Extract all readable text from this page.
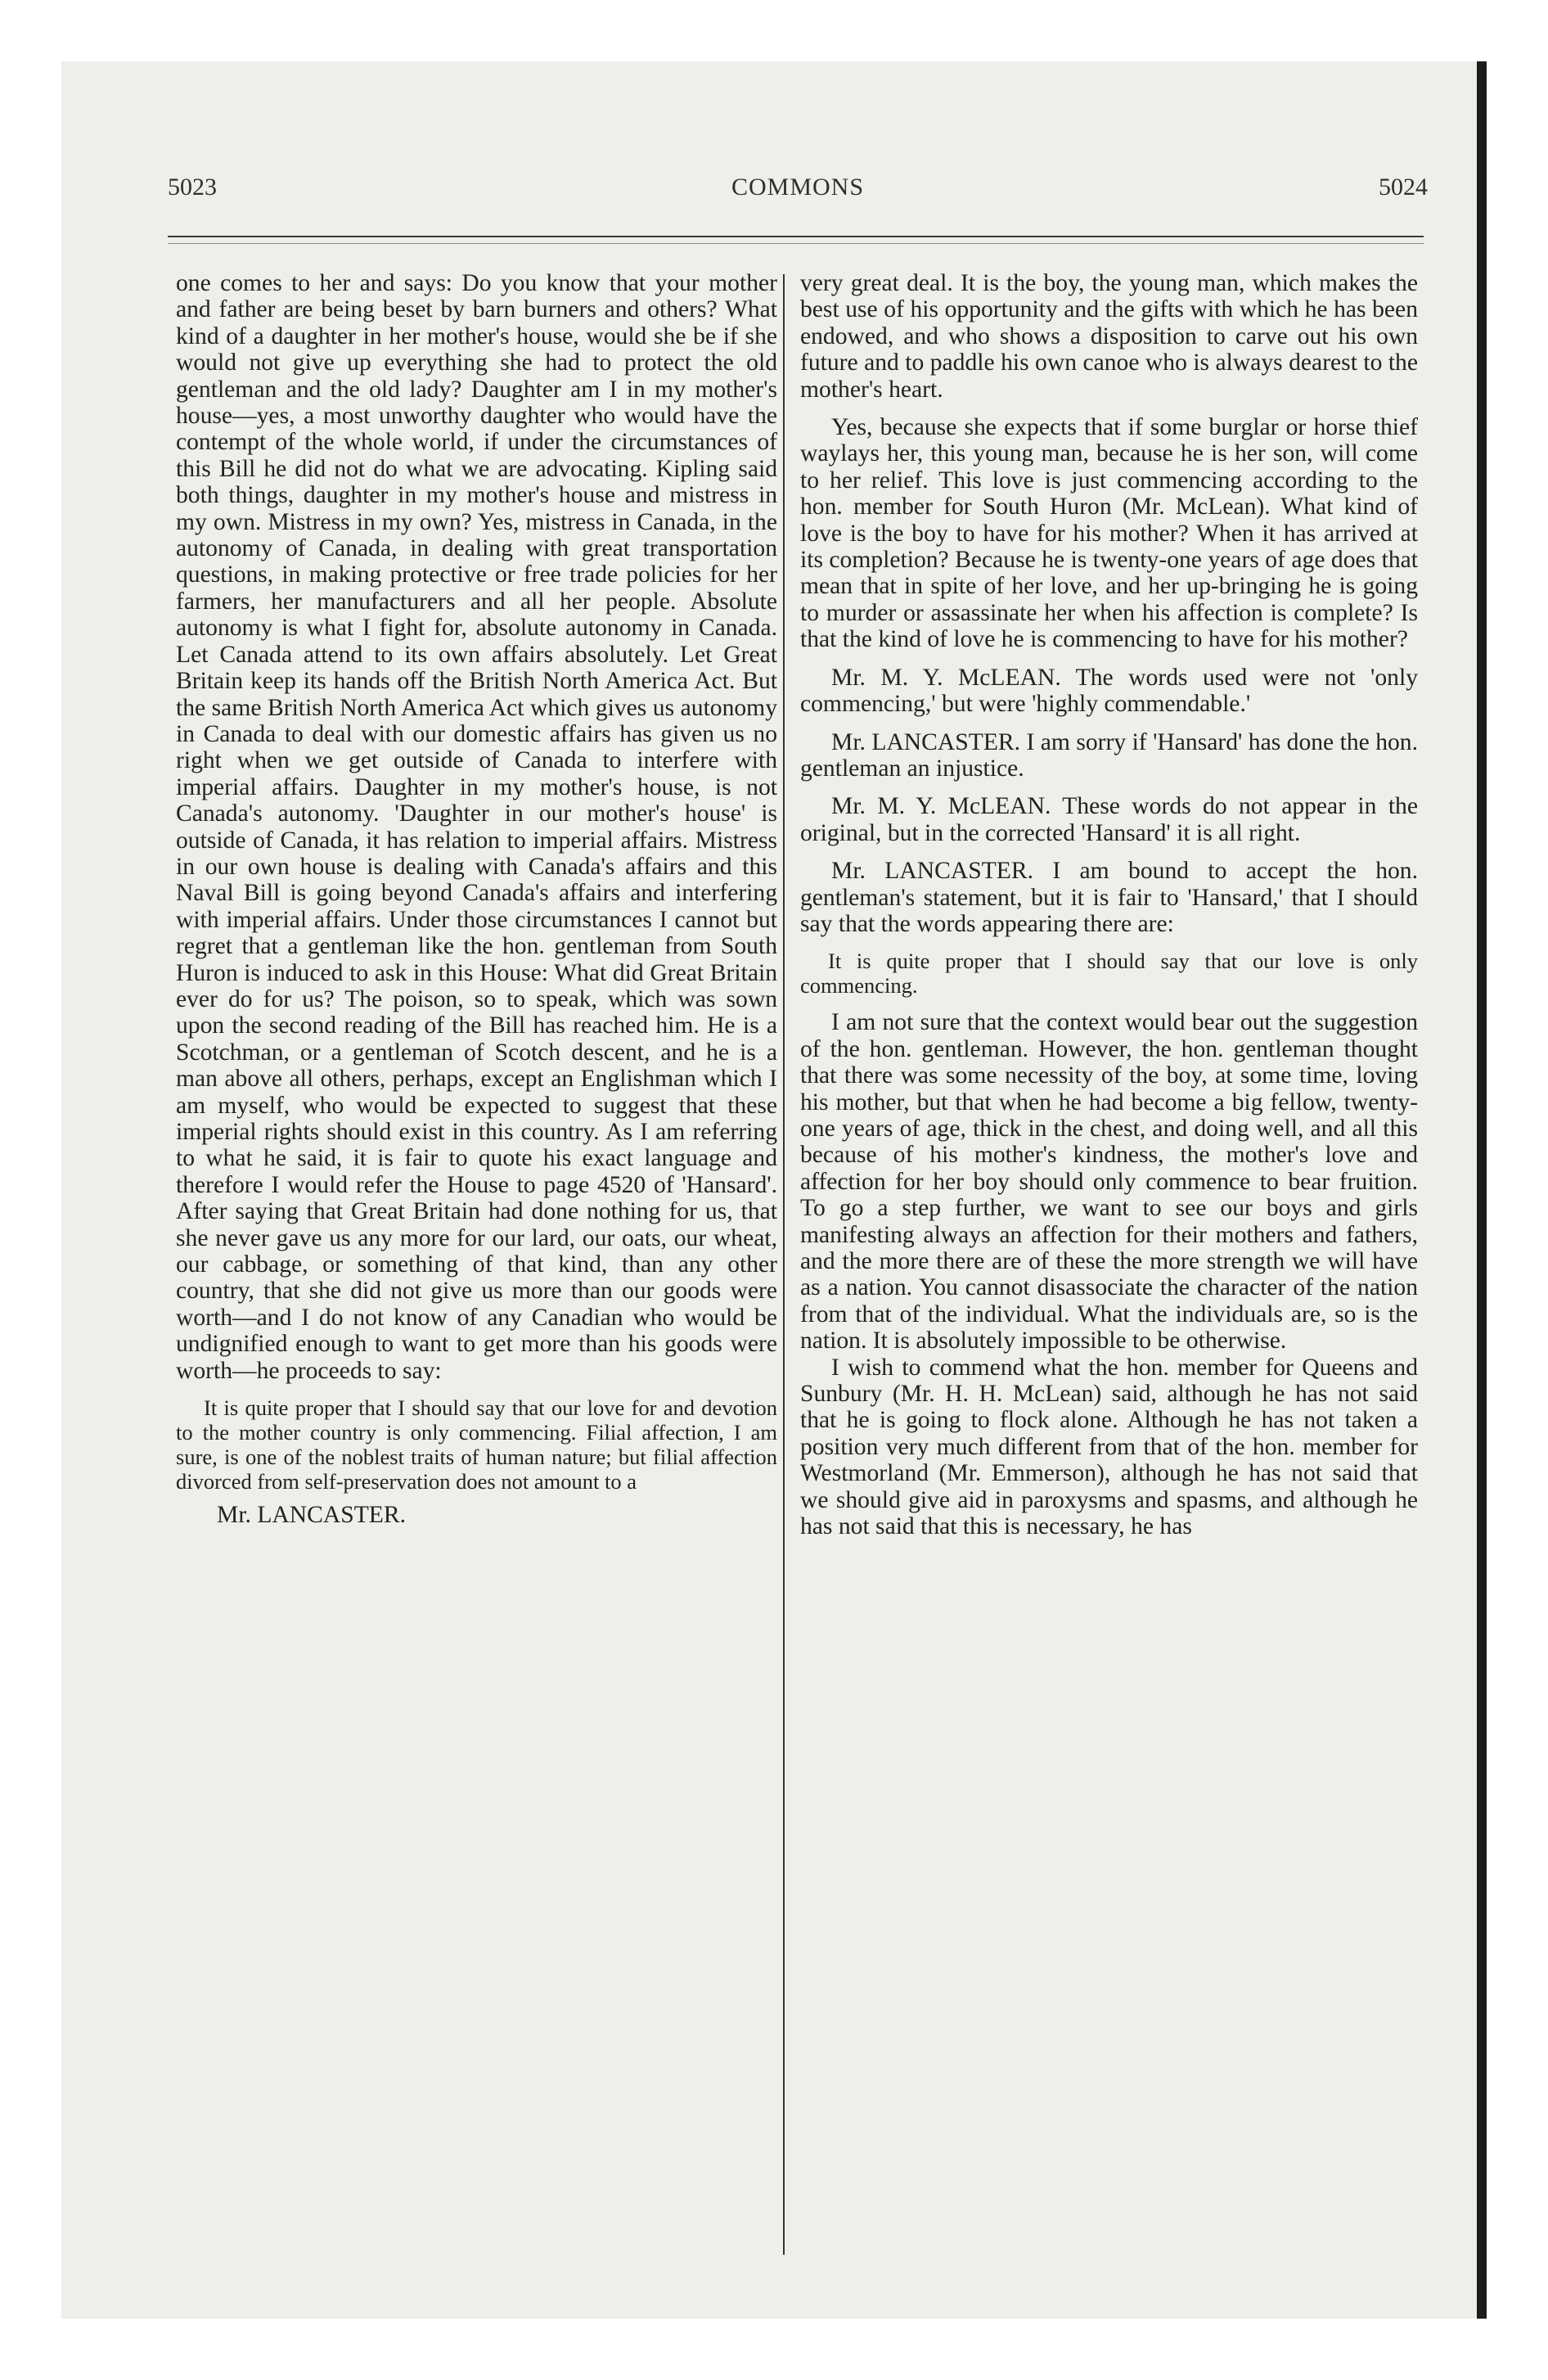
5023	COMMONS	5024

one comes to her and says: Do you know that your mother and father are being beset by barn burners and others? What kind of a daughter in her mother's house, would she be if she would not give up everything she had to protect the old gentleman and the old lady? Daughter am I in my mother's house—yes, a most unworthy daughter who would have the contempt of the whole world, if under the circumstances of this Bill he did not do what we are advocating. Kipling said both things, daughter in my mother's house and mistress in my own. Mistress in my own? Yes, mistress in Canada, in the autonomy of Canada, in dealing with great transportation questions, in making protective or free trade policies for her farmers, her manufacturers and all her people. Absolute autonomy is what I fight for, absolute autonomy in Canada. Let Canada attend to its own affairs absolutely. Let Great Britain keep its hands off the British North America Act. But the same British North America Act which gives us autonomy in Canada to deal with our domestic affairs has given us no right when we get outside of Canada to interfere with imperial affairs. Daughter in my mother's house, is not Canada's autonomy. 'Daughter in our mother's house' is outside of Canada, it has relation to imperial affairs. Mistress in our own house is dealing with Canada's affairs and this Naval Bill is going beyond Canada's affairs and interfering with imperial affairs. Under those circumstances I cannot but regret that a gentleman like the hon. gentleman from South Huron is induced to ask in this House: What did Great Britain ever do for us? The poison, so to speak, which was sown upon the second reading of the Bill has reached him. He is a Scotchman, or a gentleman of Scotch descent, and he is a man above all others, perhaps, except an Englishman which I am myself, who would be expected to suggest that these imperial rights should exist in this country. As I am referring to what he said, it is fair to quote his exact language and therefore I would refer the House to page 4520 of 'Hansard'. After saying that Great Britain had done nothing for us, that she never gave us any more for our lard, our oats, our wheat, our cabbage, or something of that kind, than any other country, that she did not give us more than our goods were worth—and I do not know of any Canadian who would be undignified enough to want to get more than his goods were worth—he proceeds to say:

It is quite proper that I should say that our love for and devotion to the mother country is only commencing. Filial affection, I am sure, is one of the noblest traits of human nature; but filial affection divorced from self-preservation does not amount to a

Mr. LANCASTER.

very great deal. It is the boy, the young man, which makes the best use of his opportunity and the gifts with which he has been endowed, and who shows a disposition to carve out his own future and to paddle his own canoe who is always dearest to the mother's heart.

Yes, because she expects that if some burglar or horse thief waylays her, this young man, because he is her son, will come to her relief. This love is just commencing according to the hon. member for South Huron (Mr. McLean). What kind of love is the boy to have for his mother? When it has arrived at its completion? Because he is twenty-one years of age does that mean that in spite of her love, and her up-bringing he is going to murder or assassinate her when his affection is complete? Is that the kind of love he is commencing to have for his mother?

Mr. M. Y. McLEAN. The words used were not 'only commencing,' but were 'highly commendable.'

Mr. LANCASTER. I am sorry if 'Hansard' has done the hon. gentleman an injustice.

Mr. M. Y. McLEAN. These words do not appear in the original, but in the corrected 'Hansard' it is all right.

Mr. LANCASTER. I am bound to accept the hon. gentleman's statement, but it is fair to 'Hansard,' that I should say that the words appearing there are:

It is quite proper that I should say that our love is only commencing.

I am not sure that the context would bear out the suggestion of the hon. gentleman. However, the hon. gentleman thought that there was some necessity of the boy, at some time, loving his mother, but that when he had become a big fellow, twenty-one years of age, thick in the chest, and doing well, and all this because of his mother's kindness, the mother's love and affection for her boy should only commence to bear fruition. To go a step further, we want to see our boys and girls manifesting always an affection for their mothers and fathers, and the more there are of these the more strength we will have as a nation. You cannot disassociate the character of the nation from that of the individual. What the individuals are, so is the nation. It is absolutely impossible to be otherwise.

I wish to commend what the hon. member for Queens and Sunbury (Mr. H. H. McLean) said, although he has not said that he is going to flock alone. Although he has not taken a position very much different from that of the hon. member for Westmorland (Mr. Emmerson), although he has not said that we should give aid in paroxysms and spasms, and although he has not said that this is necessary, he has
